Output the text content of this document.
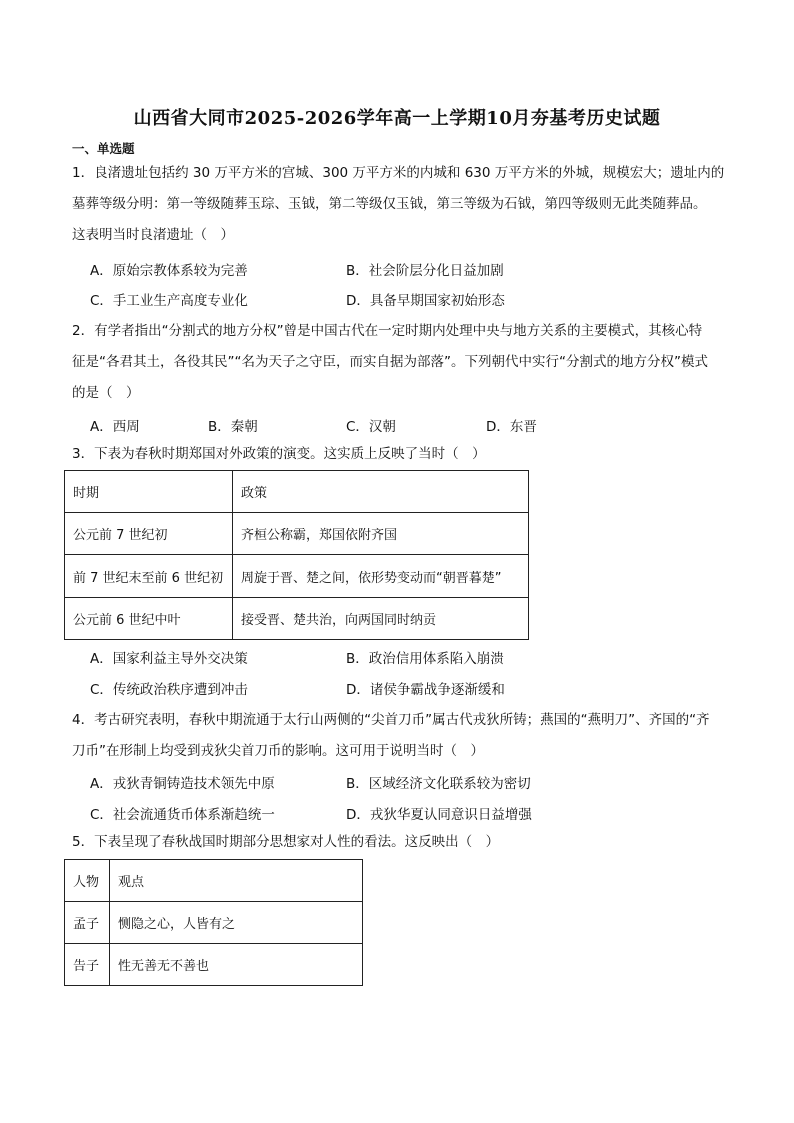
山西省大同市2025-2026学年高一上学期10月夯基考历史试题
一、单选题
1．良渚遗址包括约 30 万平方米的宫城、300 万平方米的内城和 630 万平方米的外城，规模宏大；遗址内的
墓葬等级分明：第一等级随葬玉琮、玉钺，第二等级仅玉钺，第三等级为石钺，第四等级则无此类随葬品。
这表明当时良渚遗址（　）
A．原始宗教体系较为完善	B．社会阶层分化日益加剧
C．手工业生产高度专业化	D．具备早期国家初始形态
2．有学者指出“分割式的地方分权”曾是中国古代在一定时期内处理中央与地方关系的主要模式，其核心特
征是“各君其土，各役其民”“名为天子之守臣，而实自据为部落”。下列朝代中实行“分割式的地方分权”模式
的是（　）
A．西周	B．秦朝	C．汉朝	D．东晋
3．下表为春秋时期郑国对外政策的演变。这实质上反映了当时（　）
时期	政策
公元前 7 世纪初	齐桓公称霸，郑国依附齐国
前 7 世纪末至前 6 世纪初	周旋于晋、楚之间，依形势变动而“朝晋暮楚”
公元前 6 世纪中叶	接受晋、楚共治，向两国同时纳贡
A．国家利益主导外交决策	B．政治信用体系陷入崩溃
C．传统政治秩序遭到冲击	D．诸侯争霸战争逐渐缓和
4．考古研究表明，春秋中期流通于太行山两侧的“尖首刀币”属古代戎狄所铸；燕国的“燕明刀”、齐国的“齐
刀币”在形制上均受到戎狄尖首刀币的影响。这可用于说明当时（　）
A．戎狄青铜铸造技术领先中原	B．区域经济文化联系较为密切
C．社会流通货币体系渐趋统一	D．戎狄华夏认同意识日益增强
5．下表呈现了春秋战国时期部分思想家对人性的看法。这反映出（　）
人物	观点
孟子	恻隐之心，人皆有之
告子	性无善无不善也
